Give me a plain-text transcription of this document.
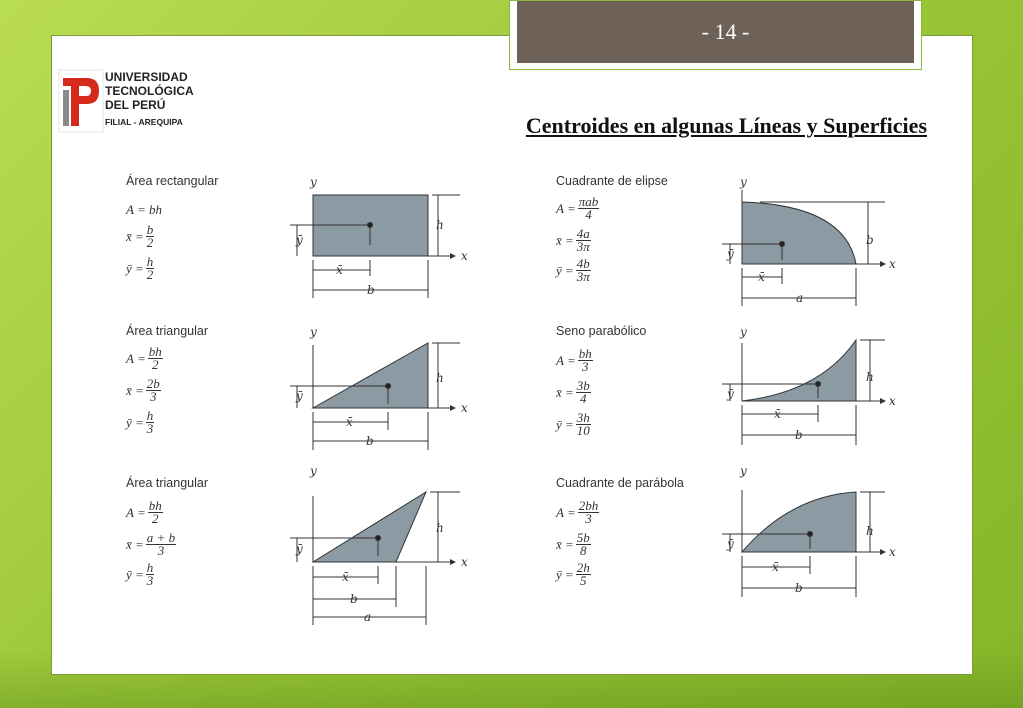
- 14 -
UNIVERSIDAD
TECNOLÓGICA
DEL PERÚ
FILIAL - AREQUIPA	Centroides en algunas Líneas y Superficies
Área rectangular
A =
bh
x̄ = $\frac{b}{2}$
ȳ = $\frac{h}{2}$
Área triangular
$A = \frac{bh}{2}$
x̄ = $\frac{2b}{3}$
ȳ = $\frac{h}{3}$
Área triangular
$A = \frac{bh}{2}$
x̄ = $\frac{a + b}{3}$
ȳ = $\frac{h}{3}$
Cuadrante de elipse
$A = \frac{\text{πab}}{4}$
x̄ = $\frac{4a}{3\pi}$
ȳ = $\frac{4b}{3\pi}$
Seno parabólico
$A = \frac{bh}{3}$
x̄ = $\frac{3b}{4}$
ȳ = $\frac{3h}{10}$
Cuadrante de parábola
$A = \frac{2bh}{3}$
x̄ = $\frac{5b}{8}$
ȳ = $\frac{2h}{5}$
y
x
h
ȳ
x̄
b
y
x
h
ȳ
x̄
b
y
x
h
ȳ
x̄
b
a
y
x
b
ȳ
x̄
a
y
x
h
ȳ
x̄
b
y
x
h
ȳ
x̄
b
